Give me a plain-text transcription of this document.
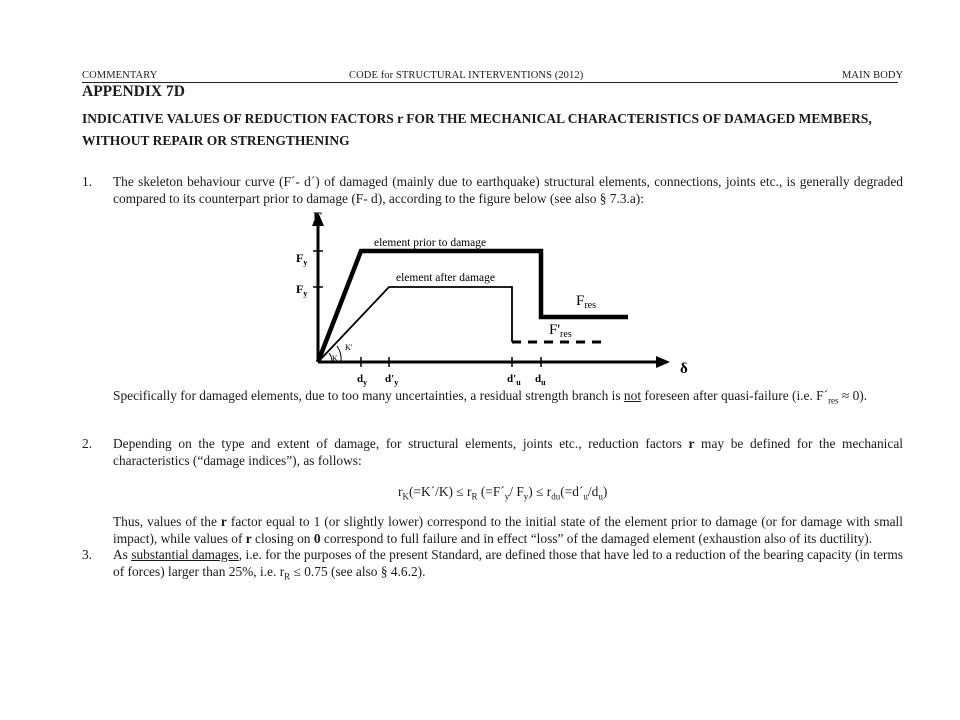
COMMENTARY	CODE for STRUCTURAL INTERVENTIONS (2012)	MAIN BODY
APPENDIX 7D
INDICATIVE VALUES OF REDUCTION FACTORS r FOR THE MECHANICAL CHARACTERISTICS OF DAMAGED MEMBERS,
WITHOUT REPAIR OR STRENGTHENING
1. The skeleton behaviour curve (F´- d´) of damaged (mainly due to earthquake) structural elements, connections, joints etc., is generally degraded compared to its counterpart prior to damage (F- d), according to the figure below (see also § 7.3.a):
F
δ
element prior to damage
element after damage
$F_y$
$F_y$	$F_{res}$
$F'_{res}$
K
K'
$d_y$ $d'_y$	$d'_u$ $d_u$
Specifically for damaged elements, due to too many uncertainties, a residual strength branch is not foreseen after quasi-failure (i.e. $F´_{res} \approx 0$).
2. Depending on the type and extent of damage, for structural elements, joints etc., reduction factors r may be defined for the mechanical characteristics (“damage indices”), as follows:
$r_K(=K´/K) \le r_R$ ($=F´_y/$ $F_y$) ≤ $r_{du}(=d´_u/d_u)$
Thus, values of the r factor equal to 1 (or slightly lower) correspond to the initial state of the element prior to damage (or for damage with small impact), while values of r closing on 0 correspond to full failure and in effect “loss” of the damaged element (exhaustion also of its ductility).
3. As substantial damages, i.e. for the purposes of the present Standard, are defined those that have led to a reduction of the bearing capacity (in terms of forces) larger than 25%, i.e. $r_R \le 0.75$ (see also § 4.6.2).
